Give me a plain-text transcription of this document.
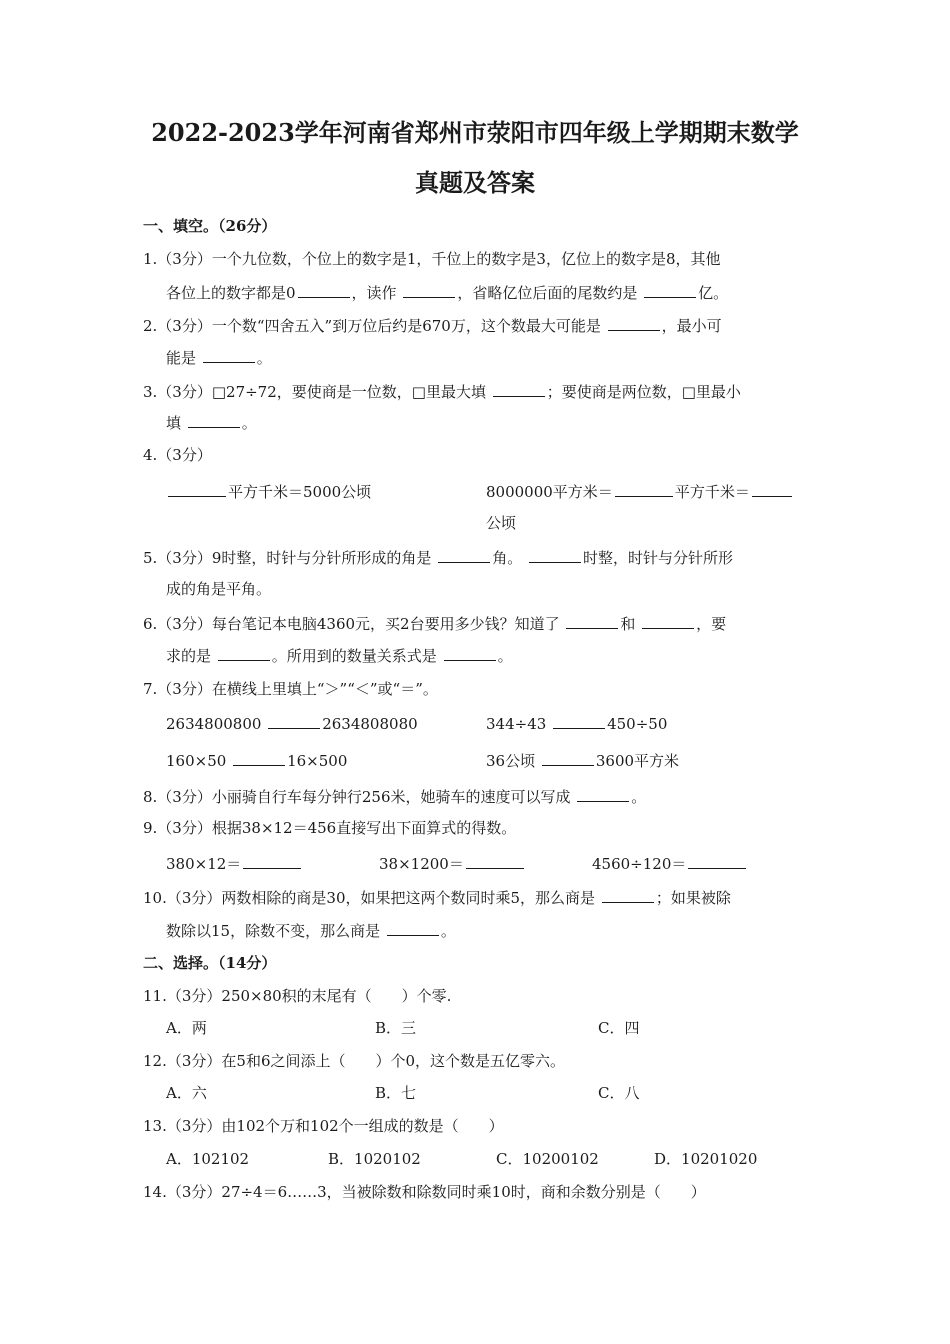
2022-2023学年河南省郑州市荥阳市四年级上学期期末数学
真题及答案
一、填空。（26分）
1.（3分）一个九位数，个位上的数字是1，千位上的数字是3，亿位上的数字是8，其他
各位上的数字都是0	，读作	，省略亿位后面的尾数约是	亿。
2.（3分）一个数“四舍五入”到万位后约是670万，这个数最大可能是	，最小可
能是	。
3.（3分）□27÷72，要使商是一位数，□里最大填	；要使商是两位数，□里最小
填	。
4.（3分）
平方千米＝5000公顷	8000000平方米＝	平方千米＝
公顷
5.（3分）9时整，时针与分针所形成的角是	角。	时整，时针与分针所形
成的角是平角。
6.（3分）每台笔记本电脑4360元，买2台要用多少钱？知道了	和	，要
求的是	。所用到的数量关系式是	。
7.（3分）在横线上里填上“＞”“＜”或“＝”。
2634800800	2634808080	344÷43	450÷50
160×50	16×500	36公顷	3600平方米
8.（3分）小丽骑自行车每分钟行256米，她骑车的速度可以写成	。
9.（3分）根据38×12＝456直接写出下面算式的得数。
380×12＝	38×1200＝	4560÷120＝
10.（3分）两数相除的商是30，如果把这两个数同时乘5，那么商是	；如果被除
数除以15，除数不变，那么商是	。
二、选择。（14分）
11.（3分）250×80积的末尾有（　　）个零.
A．两	B．三	C．四
12.（3分）在5和6之间添上（　　）个0，这个数是五亿零六。
A．六	B．七	C．八
13.（3分）由102个万和102个一组成的数是（　　）
A．102102	B．1020102	C．10200102	D．10201020
14.（3分）27÷4＝6……3，当被除数和除数同时乘10时，商和余数分别是（　　）
